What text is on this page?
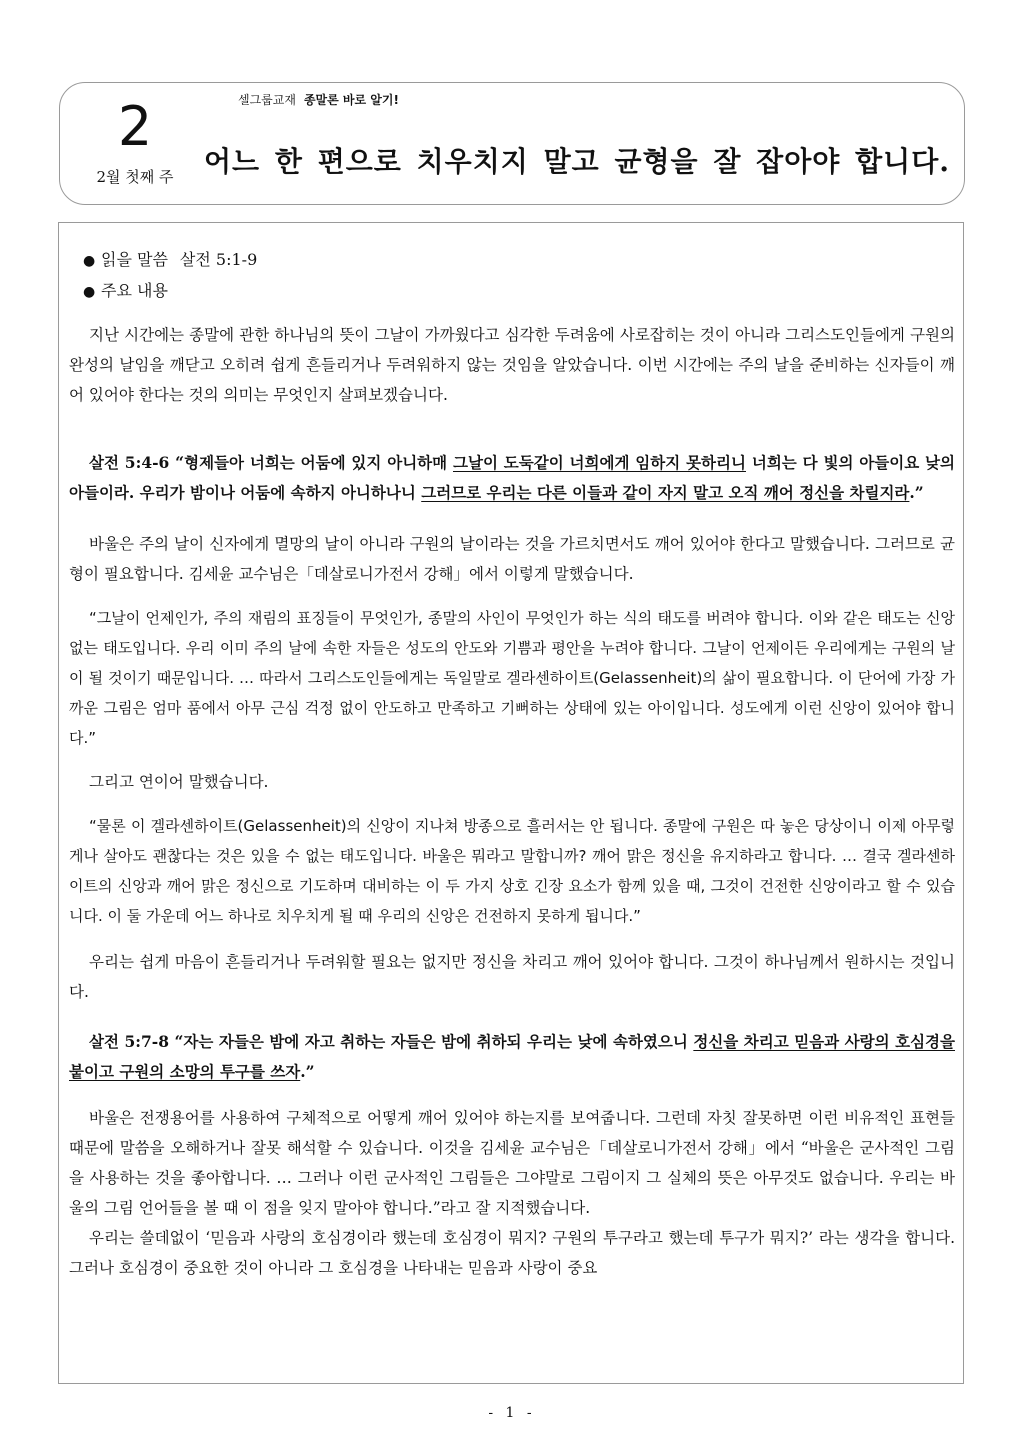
2
2월 첫째 주
셀그룹교재 종말론 바로 알기!
어느 한 편으로 치우치지 말고 균형을 잘 잡아야 합니다.
● 읽을 말씀 살전 5:1-9
● 주요 내용

지난 시간에는 종말에 관한 하나님의 뜻이 그날이 가까웠다고 심각한 두려움에 사로잡히는 것이 아니라 그리스도인들에게 구원의 완성의 날임을 깨닫고 오히려 쉽게 흔들리거나 두려워하지 않는 것임을 알았습니다. 이번 시간에는 주의 날을 준비하는 신자들이 깨어 있어야 한다는 것의 의미는 무엇인지 살펴보겠습니다.

살전 5:4-6 “형제들아 너희는 어둠에 있지 아니하매 그날이 도둑같이 너희에게 임하지 못하리니 너희는 다 빛의 아들이요 낮의 아들이라. 우리가 밤이나 어둠에 속하지 아니하나니 그러므로 우리는 다른 이들과 같이 자지 말고 오직 깨어 정신을 차릴지라.”

바울은 주의 날이 신자에게 멸망의 날이 아니라 구원의 날이라는 것을 가르치면서도 깨어 있어야 한다고 말했습니다. 그러므로 균형이 필요합니다. 김세윤 교수님은「데살로니가전서 강해」에서 이렇게 말했습니다.

“그날이 언제인가, 주의 재림의 표징들이 무엇인가, 종말의 사인이 무엇인가 하는 식의 태도를 버려야 합니다. 이와 같은 태도는 신앙 없는 태도입니다. 우리 이미 주의 날에 속한 자들은 성도의 안도와 기쁨과 평안을 누려야 합니다. 그날이 언제이든 우리에게는 구원의 날이 될 것이기 때문입니다. … 따라서 그리스도인들에게는 독일말로 겔라센하이트(Gelassenheit)의 삶이 필요합니다. 이 단어에 가장 가까운 그림은 엄마 품에서 아무 근심 걱정 없이 안도하고 만족하고 기뻐하는 상태에 있는 아이입니다. 성도에게 이런 신앙이 있어야 합니다.”

그리고 연이어 말했습니다.

“물론 이 겔라센하이트(Gelassenheit)의 신앙이 지나쳐 방종으로 흘러서는 안 됩니다. 종말에 구원은 따 놓은 당상이니 이제 아무렇게나 살아도 괜찮다는 것은 있을 수 없는 태도입니다. 바울은 뭐라고 말합니까? 깨어 맑은 정신을 유지하라고 합니다. … 결국 겔라센하이트의 신앙과 깨어 맑은 정신으로 기도하며 대비하는 이 두 가지 상호 긴장 요소가 함께 있을 때, 그것이 건전한 신앙이라고 할 수 있습니다. 이 둘 가운데 어느 하나로 치우치게 될 때 우리의 신앙은 건전하지 못하게 됩니다.”

우리는 쉽게 마음이 흔들리거나 두려워할 필요는 없지만 정신을 차리고 깨어 있어야 합니다. 그것이 하나님께서 원하시는 것입니다.

살전 5:7-8 “자는 자들은 밤에 자고 취하는 자들은 밤에 취하되 우리는 낮에 속하였으니 정신을 차리고 믿음과 사랑의 호심경을 붙이고 구원의 소망의 투구를 쓰자.”

바울은 전쟁용어를 사용하여 구체적으로 어떻게 깨어 있어야 하는지를 보여줍니다. 그런데 자칫 잘못하면 이런 비유적인 표현들 때문에 말씀을 오해하거나 잘못 해석할 수 있습니다. 이것을 김세윤 교수님은「데살로니가전서 강해」에서 “바울은 군사적인 그림을 사용하는 것을 좋아합니다. … 그러나 이런 군사적인 그림들은 그야말로 그림이지 그 실체의 뜻은 아무것도 없습니다. 우리는 바울의 그림 언어들을 볼 때 이 점을 잊지 말아야 합니다.”라고 잘 지적했습니다.

우리는 쓸데없이 ‘믿음과 사랑의 호심경이라 했는데 호심경이 뭐지? 구원의 투구라고 했는데 투구가 뭐지?’ 라는 생각을 합니다. 그러나 호심경이 중요한 것이 아니라 그 호심경을 나타내는 믿음과 사랑이 중요

- 1 -
